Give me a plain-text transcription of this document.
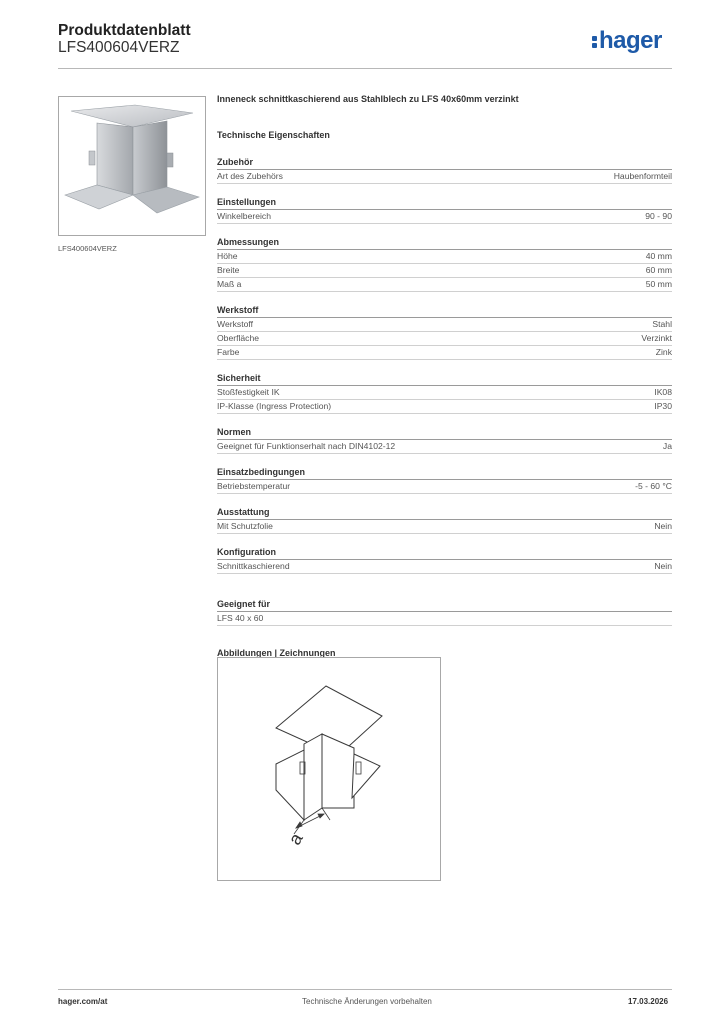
Produktdatenblatt
LFS400604VERZ	hager
LFS400604VERZ
Inneneck schnittkaschierend aus Stahlblech zu LFS 40x60mm verzinkt
Technische Eigenschaften
Zubehör
Art des Zubehörs	Haubenformteil
Einstellungen
Winkelbereich	90 - 90
Abmessungen
Höhe	40 mm
Breite	60 mm
Maß a	50 mm
Werkstoff
Werkstoff	Stahl
Oberfläche	Verzinkt
Farbe	Zink
Sicherheit
Stoßfestigkeit IK	IK08
IP-Klasse (Ingress Protection)	IP30
Normen
Geeignet für Funktionserhalt nach DIN4102-12	Ja
Einsatzbedingungen
Betriebstemperatur	-5 - 60 °C
Ausstattung
Mit Schutzfolie	Nein
Konfiguration
Schnittkaschierend	Nein
Geeignet für
LFS 40 x 60
Abbildungen | Zeichnungen
a
hager.com/at	Technische Änderungen vorbehalten	17.03.2026
